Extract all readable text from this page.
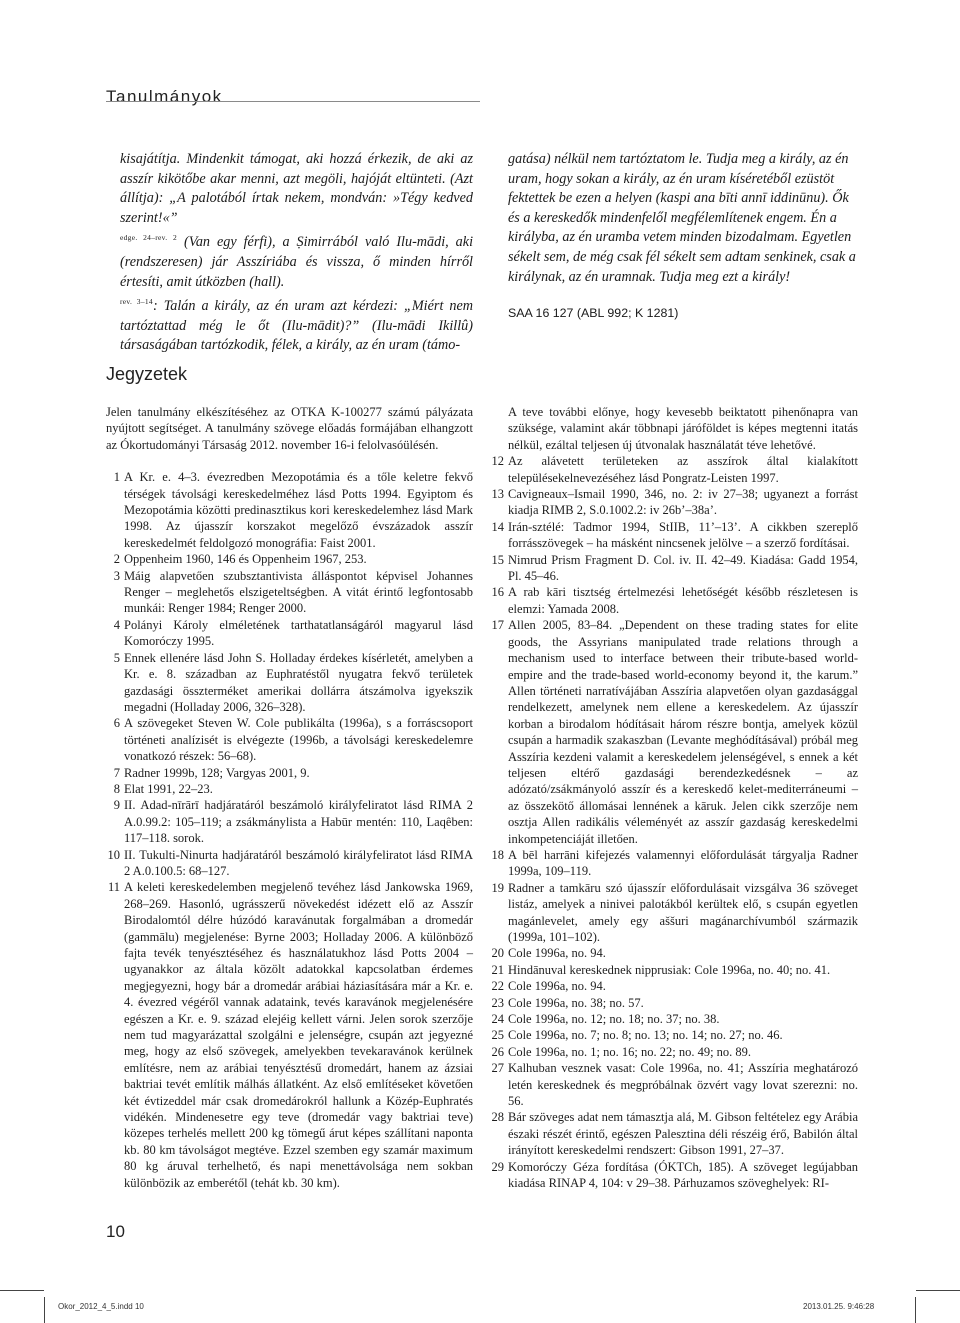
Tanulmányok

kisajátítja. Mindenkit támogat, aki hozzá érkezik, de aki az asszír kikötőbe akar menni, azt megöli, hajóját eltünteti. (Azt állítja): „A palotából írtak nekem, mondván: »Tégy kedved szerint!«”

$^{edge. 24-rev. 2}$ (Van egy férfi), a Ṣimirrából való Ilu-mādi, aki (rendszeresen) jár Asszíriába és vissza, ő minden hírről értesíti, amit útközben (hall).

$^{rev. 3-14}$: Talán a király, az én uram azt kérdezi: „Miért nem tartóztattad még le őt (Ilu-mādit)?” (Ilu-mādi Ikillû) társaságában tartózkodik, félek, a király, az én uram (támo-

gatása) nélkül nem tartóztatom le. Tudja meg a király, az én uram, hogy sokan a király, az én uram kíséretéből ezüstöt fektettek be ezen a helyen (kaspi ana bīti annī iddinūnu). Ők és a kereskedők mindenfelől megfélemlítenek engem. Én a királyba, az én uramba vetem minden bizodalmam. Egyetlen sékelt sem, de még csak fél sékelt sem adtam senkinek, csak a királynak, az én uramnak. Tudja meg ezt a király!

SAA 16 127 (ABL 992; K 1281)

Jegyzetek

Jelen tanulmány elkészítéséhez az OTKA K-100277 számú pályázata nyújtott segítséget. A tanulmány szövege előadás formájában elhangzott az Ókortudományi Társaság 2012. november 16-i felolvasóülésén.

1 A Kr. e. 4–3. évezredben Mezopotámia és a tőle keletre fekvő térségek távolsági kereskedelméhez lásd Potts 1994. Egyiptom és Mezopotámia közötti predinasztikus kori kereskedelemhez lásd Mark 1998. Az újasszír korszakot megelőző évszázadok asszír kereskedelmét feldolgozó monográfia: Faist 2001.

2 Oppenheim 1960, 146 és Oppenheim 1967, 253.

3 Máig alapvetően szubsztantivista álláspontot képvisel Johannes Renger – meglehetős elszigeteltségben. A vitát érintő legfontosabb munkái: Renger 1984; Renger 2000.

4 Polányi Károly elméletének tarthatatlanságáról magyarul lásd Komoróczy 1995.

5 Ennek ellenére lásd John S. Holladay érdekes kísérletét, amelyben a Kr. e. 8. században az Euphratéstől nyugatra fekvő területek gazdasági összterméket amerikai dollárra átszámolva igyekszik megadni (Holladay 2006, 326–328).

6 A szövegeket Steven W. Cole publikálta (1996a), s a forráscsoport történeti analízisét is elvégezte (1996b, a távolsági kereskedelemre vonatkozó részek: 56–68).

7 Radner 1999b, 128; Vargyas 2001, 9.

8 Elat 1991, 22–23.

9 II. Adad-nīrārī hadjáratáról beszámoló királyfeliratot lásd RIMA 2 A.0.99.2: 105–119; a zsákmánylista a Habūr mentén: 110, Laqêben: 117–118. sorok.

10 II. Tukulti-Ninurta hadjáratáról beszámoló királyfeliratot lásd RIMA 2 A.0.100.5: 68–127.

11 A keleti kereskedelemben megjelenő tevéhez lásd Jankowska 1969, 268–269. Hasonló, ugrásszerű növekedést idézett elő az Asszír Birodalomtól délre húzódó karavánutak forgalmában a dromedár (gammālu) megjelenése: Byrne 2003; Holladay 2006. A különböző fajta tevék tenyésztéséhez és használatukhoz lásd Potts 2004 – ugyanakkor az általa közölt adatokkal kapcsolatban érdemes megjegyezni, hogy bár a dromedár arábiai háziasítására már a Kr. e. 4. évezred végéről vannak adataink, tevés karavánok megjelenésére egészen a Kr. e. 9. század elejéig kellett várni. Jelen sorok szerzője nem tud magyarázattal szolgálni e jelenségre, csupán azt jegyezné meg, hogy az első szövegek, amelyekben tevekaravánok kerülnek említésre, nem az arábiai tenyésztésű dromedárt, hanem az ázsiai baktriai tevét említik málhás állatként. Az első említéseket követően két évtizeddel már csak dromedárokról hallunk a Közép-Euphratés vidékén. Mindenesetre egy teve (dromedár vagy baktriai teve) közepes terhelés mellett 200 kg tömegű árut képes szállítani naponta kb. 80 km távolságot megtéve. Ezzel szemben egy szamár maximum 80 kg áruval terhelhető, és napi menettávolsága nem sokban különbözik az emberétől (tehát kb. 30 km).

A teve további előnye, hogy kevesebb beiktatott pihenőnapra van szüksége, valamint akár többnapi járóföldet is képes megtenni itatás nélkül, ezáltal teljesen új útvonalak használatát téve lehetővé.

12 Az alávetett területeken az asszírok által kialakított településekelnevezéséhez lásd Pongratz-Leisten 1997.

13 Cavigneaux–Ismail 1990, 346, no. 2: iv 27–38; ugyanezt a forrást kiadja RIMB 2, S.0.1002.2: iv 26b’–38a’.

14 Irán-sztélé: Tadmor 1994, StIIB, 11’–13’. A cikkben szereplő forrásszövegek – ha másként nincsenek jelölve – a szerző fordításai.

15 Nimrud Prism Fragment D. Col. iv. II. 42–49. Kiadása: Gadd 1954, Pl. 45–46.

16 A rab kāri tisztség értelmezési lehetőségét később részletesen is elemzi: Yamada 2008.

17 Allen 2005, 83–84. „Dependent on these trading states for elite goods, the Assyrians manipulated trade relations through a mechanism used to interface between their tribute-based world-empire and the trade-based world-economy beyond it, the karum.” Allen történeti narratívájában Asszíria alapvetően olyan gazdasággal rendelkezett, amelynek nem ellene a kereskedelem. Az újasszír korban a birodalom hódításait három részre bontja, amelyek közül csupán a harmadik szakaszban (Levante meghódításával) próbál meg Asszíria kezdeni valamit a kereskedelem jelenségével, s ennek a két teljesen eltérő gazdasági berendezkedésnek – az adózató/zsákmányoló asszír és a kereskedő kelet-mediterráneumi – az összekötő állomásai lennének a kāruk. Jelen cikk szerzője nem osztja Allen radikális véleményét az asszír gazdaság kereskedelmi inkompetenciáját illetően.

18 A bēl harrāni kifejezés valamennyi előfordulását tárgyalja Radner 1999a, 109–119.

19 Radner a tamkāru szó újasszír előfordulásait vizsgálva 36 szöveget listáz, amelyek a ninivei palotákból kerültek elő, s csupán egyetlen magánlevelet, amely egy aššuri magánarchívumból származik (1999a, 101–102).

20 Cole 1996a, no. 94.

21 Hindānuval kereskednek nipprusiak: Cole 1996a, no. 40; no. 41.

22 Cole 1996a, no. 94.

23 Cole 1996a, no. 38; no. 57.

24 Cole 1996a, no. 12; no. 18; no. 37; no. 38.

25 Cole 1996a, no. 7; no. 8; no. 13; no. 14; no. 27; no. 46.

26 Cole 1996a, no. 1; no. 16; no. 22; no. 49; no. 89.

27 Kalhuban vesznek vasat: Cole 1996a, no. 41; Asszíria meghatározó letén kereskednek és megpróbálnak özvért vagy lovat szerezni: no. 56.

28 Bár szöveges adat nem támasztja alá, M. Gibson feltételez egy Arábia északi részét érintő, egészen Palesztina déli részéig érő, Babilón által irányított kereskedelmi rendszert: Gibson 1991, 27–37.

29 Komoróczy Géza fordítása (ÓKTCh, 185). A szöveget legújabban kiadása RINAP 4, 104: v 29–38. Párhuzamos szöveghelyek: RI-

10
Okor_2012_4_5.indd 10	2013.01.25. 9:46:28
